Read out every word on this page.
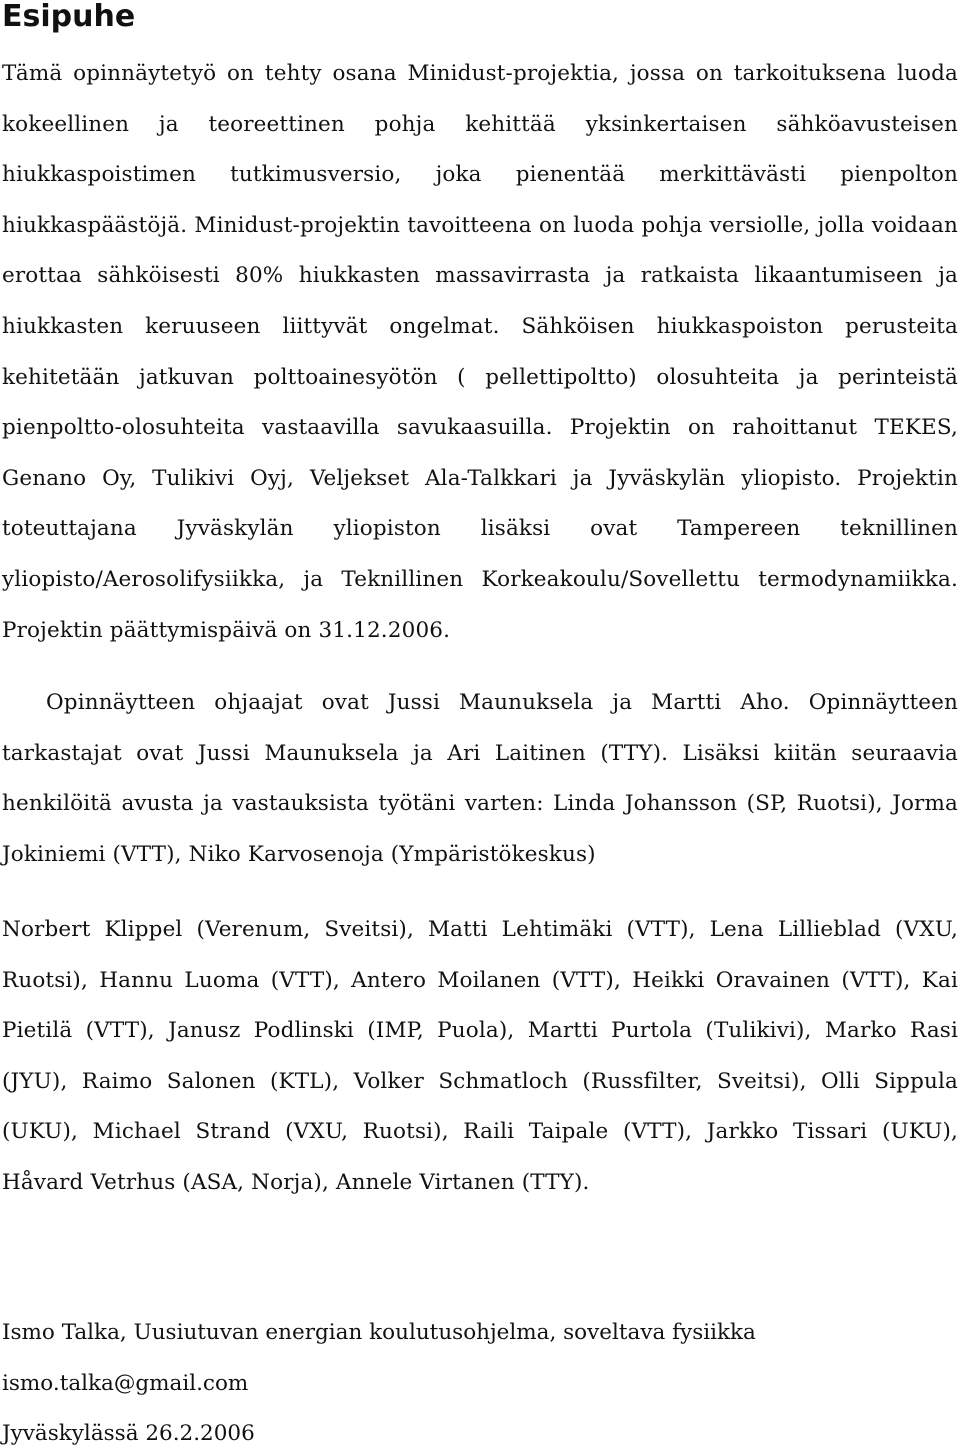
Esipuhe

Tämä opinnäytetyö on tehty osana Minidust-projektia, jossa on tarkoituksena luoda kokeellinen ja teoreettinen pohja kehittää yksinkertaisen sähköavusteisen hiukkaspoistimen tutkimusversio, joka pienentää merkittävästi pienpolton hiukkaspäästöjä. Minidust-projektin tavoitteena on luoda pohja versiolle, jolla voidaan erottaa sähköisesti 80% hiukkasten massavirrasta ja ratkaista likaantumiseen ja hiukkasten keruuseen liittyvät ongelmat. Sähköisen hiukkaspoiston perusteita kehitetään jatkuvan polttoainesyötön ( pellettipoltto) olosuhteita ja perinteistä pienpoltto-olosuhteita vastaavilla savukaasuilla. Projektin on rahoittanut TEKES, Genano Oy, Tulikivi Oyj, Veljekset Ala-Talkkari ja Jyväskylän yliopisto. Projektin toteuttajana Jyväskylän yliopiston lisäksi ovat Tampereen teknillinen yliopisto/Aerosolifysiikka, ja Teknillinen Korkeakoulu/Sovellettu termodynamiikka. Projektin päättymispäivä on 31.12.2006.

Opinnäytteen ohjaajat ovat Jussi Maunuksela ja Martti Aho. Opinnäytteen tarkastajat ovat Jussi Maunuksela ja Ari Laitinen (TTY). Lisäksi kiitän seuraavia henkilöitä avusta ja vastauksista työtäni varten: Linda Johansson (SP, Ruotsi), Jorma Jokiniemi (VTT), Niko Karvosenoja (Ympäristökeskus)

Norbert Klippel (Verenum, Sveitsi), Matti Lehtimäki (VTT), Lena Lillieblad (VXU, Ruotsi), Hannu Luoma (VTT), Antero Moilanen (VTT), Heikki Oravainen (VTT), Kai Pietilä (VTT), Janusz Podlinski (IMP, Puola), Martti Purtola (Tulikivi), Marko Rasi (JYU), Raimo Salonen (KTL), Volker Schmatloch (Russfilter, Sveitsi), Olli Sippula (UKU), Michael Strand (VXU, Ruotsi), Raili Taipale (VTT), Jarkko Tissari (UKU), Håvard Vetrhus (ASA, Norja), Annele Virtanen (TTY).

Ismo Talka, Uusiutuvan energian koulutusohjelma, soveltava fysiikka

ismo.talka@gmail.com

Jyväskylässä 26.2.2006
